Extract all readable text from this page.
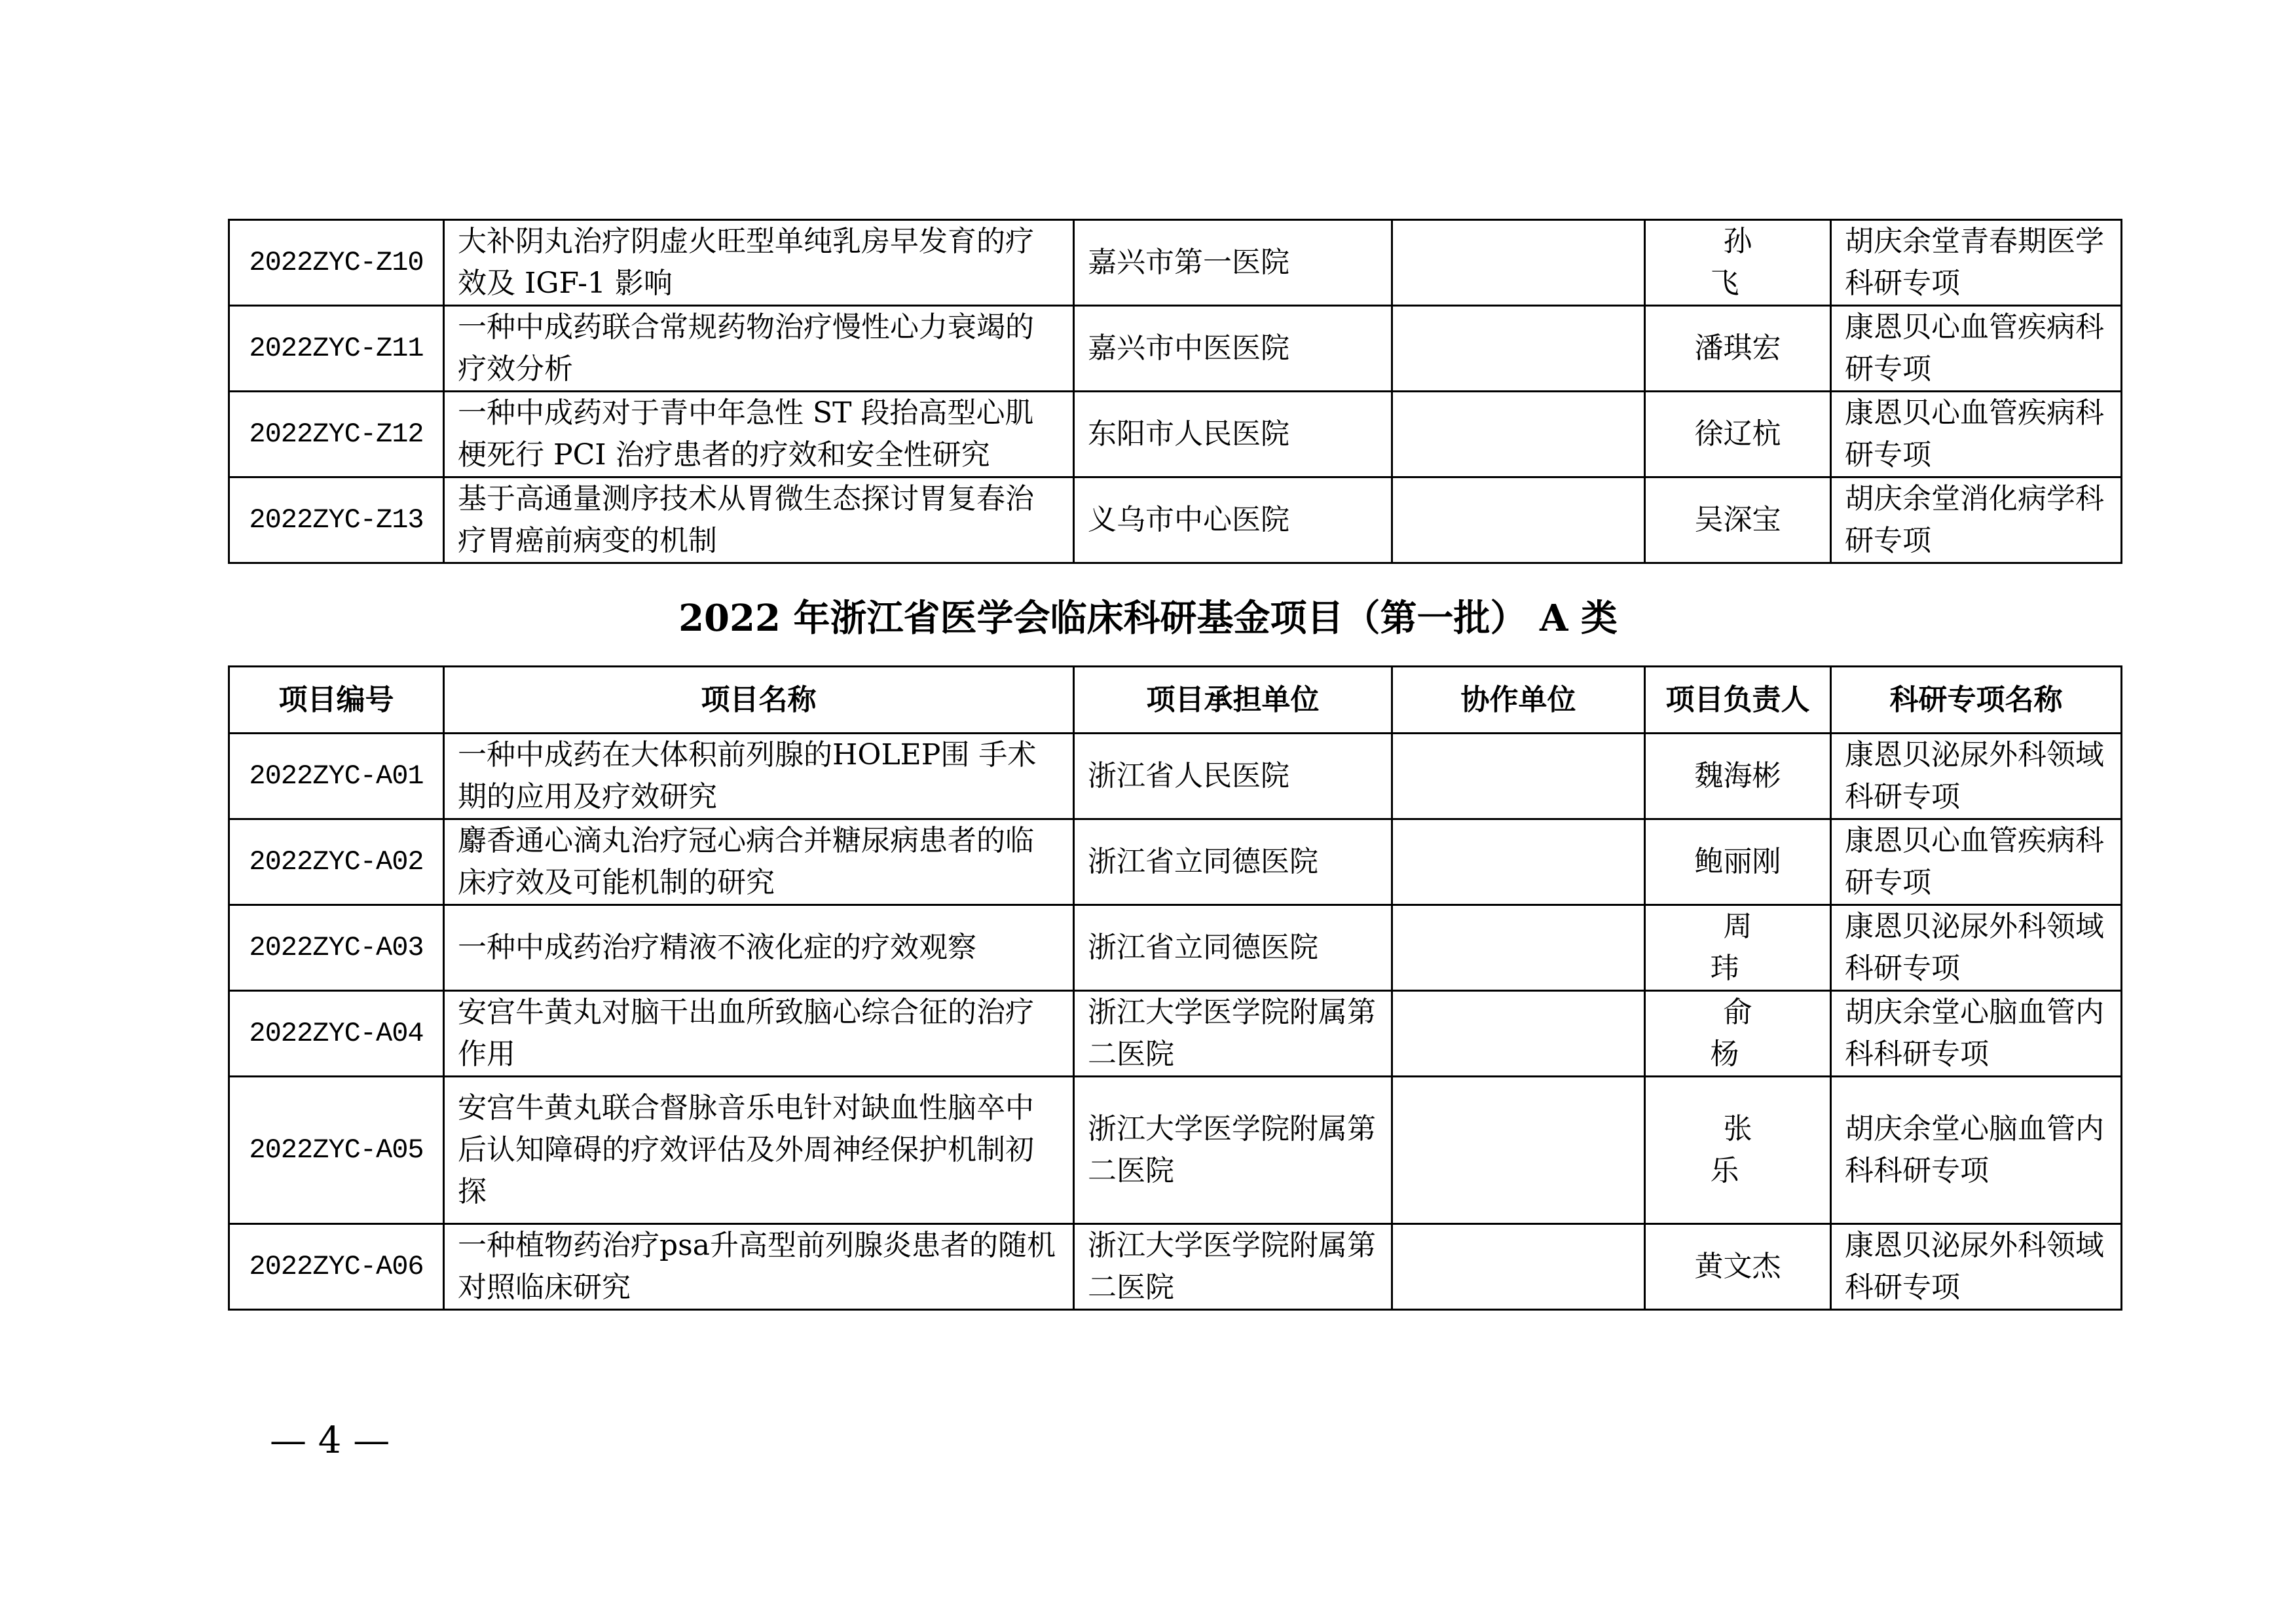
2022ZYC-Z10	大补阴丸治疗阴虚火旺型单纯乳房早发育的疗效及 IGF-1 影响	嘉兴市第一医院		孙 飞	胡庆余堂青春期医学科研专项
2022ZYC-Z11	一种中成药联合常规药物治疗慢性心力衰竭的疗效分析	嘉兴市中医医院		潘琪宏	康恩贝心血管疾病科研专项
2022ZYC-Z12	一种中成药对于青中年急性 ST 段抬高型心肌梗死行 PCI 治疗患者的疗效和安全性研究	东阳市人民医院		徐辽杭	康恩贝心血管疾病科研专项
2022ZYC-Z13	基于高通量测序技术从胃微生态探讨胃复春治疗胃癌前病变的机制	义乌市中心医院		吴深宝	胡庆余堂消化病学科研专项
2022 年浙江省医学会临床科研基金项目（第一批） A 类
项目编号	项目名称	项目承担单位	协作单位	项目负责人	科研专项名称
2022ZYC-A01	一种中成药在大体积前列腺的HOLEP围 手术期的应用及疗效研究	浙江省人民医院		魏海彬	康恩贝泌尿外科领域科研专项
2022ZYC-A02	麝香通心滴丸治疗冠心病合并糖尿病患者的临床疗效及可能机制的研究	浙江省立同德医院		鲍丽刚	康恩贝心血管疾病科研专项
2022ZYC-A03	一种中成药治疗精液不液化症的疗效观察	浙江省立同德医院		周 玮	康恩贝泌尿外科领域科研专项
2022ZYC-A04	安宫牛黄丸对脑干出血所致脑心综合征的治疗作用	浙江大学医学院附属第二医院		俞 杨	胡庆余堂心脑血管内科科研专项
2022ZYC-A05	安宫牛黄丸联合督脉音乐电针对缺血性脑卒中后认知障碍的疗效评估及外周神经保护机制初探	浙江大学医学院附属第二医院		张 乐	胡庆余堂心脑血管内科科研专项
2022ZYC-A06	一种植物药治疗psa升高型前列腺炎患者的随机对照临床研究	浙江大学医学院附属第二医院		黄文杰	康恩贝泌尿外科领域科研专项
— 4 —
